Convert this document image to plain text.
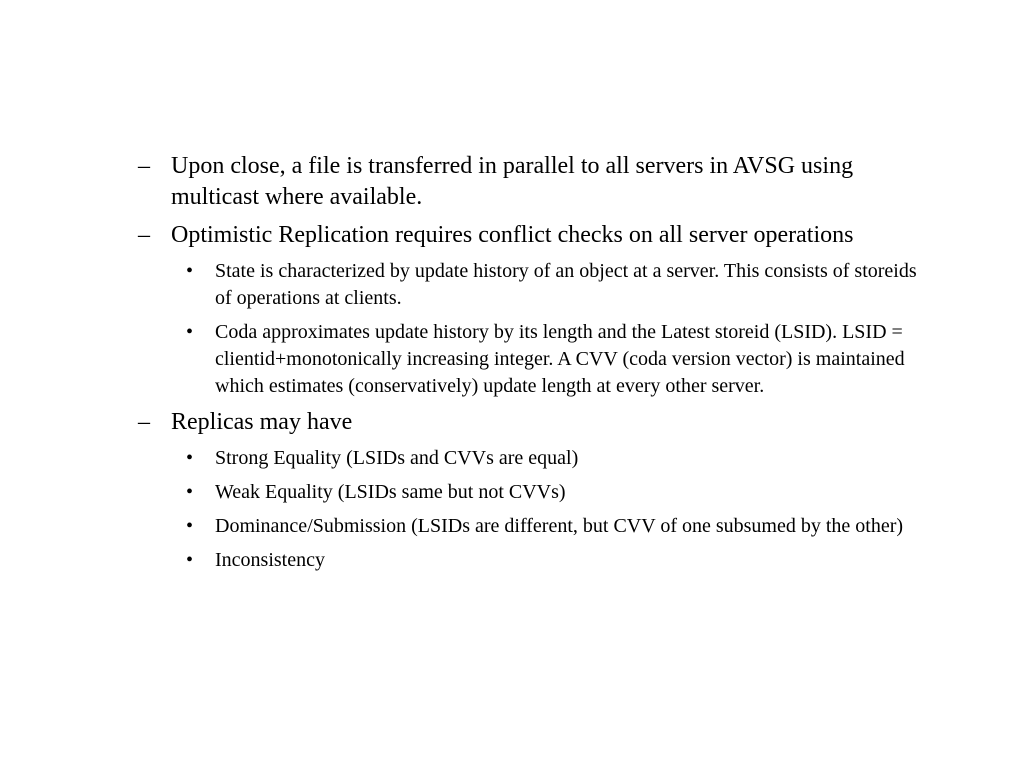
– Upon close, a file is transferred in parallel to all servers in AVSG using multicast where available.
– Optimistic Replication requires conflict checks on all server operations
• State is characterized by update history of an object at a server. This consists of storeids of operations at clients.
• Coda approximates update history by its length and the Latest storeid (LSID). LSID = clientid+monotonically increasing integer. A CVV (coda version vector) is maintained which estimates (conservatively) update length at every other server.
– Replicas may have
• Strong Equality (LSIDs and CVVs are equal)
• Weak Equality (LSIDs same but not CVVs)
• Dominance/Submission (LSIDs are different, but CVV of one subsumed by the other)
• Inconsistency
